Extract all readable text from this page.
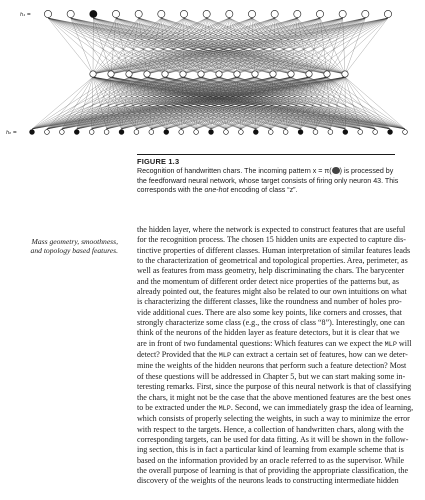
h₁ =
h₀ =
FIGURE 1.3

Recognition of handwritten chars. The incoming pattern x = π( ) is processed by the feedforward neural network, whose target consists of firing only neuron 43. This corresponds with the one-hot encoding of class “z”.

Mass geometry, smoothness, and topology based features.

the hidden layer, where the network is expected to construct features that are useful
for the recognition process. The chosen 15 hidden units are expected to capture dis-
tinctive properties of different classes. Human interpretation of similar features leads
to the characterization of geometrical and topological properties. Area, perimeter, as
well as features from mass geometry, help discriminating the chars. The barycenter
and the momentum of different order detect nice properties of the patterns but, as
already pointed out, the features might also be related to our own intuitions on what
is characterizing the different classes, like the roundness and number of holes pro-
vide additional cues. There are also some key points, like corners and crosses, that
strongly characterize some class (e.g., the cross of class “8”). Interestingly, one can
think of the neurons of the hidden layer as feature detectors, but it is clear that we
are in front of two fundamental questions: Which features can we expect the MLP will
detect? Provided that the MLP can extract a certain set of features, how can we deter-
mine the weights of the hidden neurons that perform such a feature detection? Most
of these questions will be addressed in Chapter 5, but we can start making some in-
teresting remarks. First, since the purpose of this neural network is that of classifying
the chars, it might not be the case that the above mentioned features are the best ones
to be extracted under the MLP. Second, we can immediately grasp the idea of learning,
which consists of properly selecting the weights, in such a way to minimize the error
with respect to the targets. Hence, a collection of handwritten chars, along with the
corresponding targets, can be used for data fitting. As it will be shown in the follow-
ing section, this is in fact a particular kind of learning from example scheme that is
based on the information provided by an oracle referred to as the supervisor. While
the overall purpose of learning is that of providing the appropriate classification, the
discovery of the weights of the neurons leads to constructing intermediate hidden
